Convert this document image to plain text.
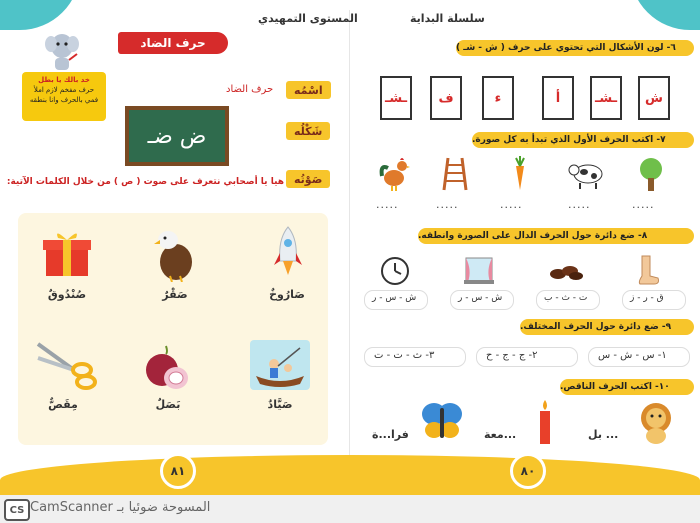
سلسلة البداية
المستوى التمهيدي
حرف الضاد
خد بالك يا بطل
حرف مفخم لازم املأ
فمي بالحرف وانا بنطقه
اسْمُه
حرف الضاد
شَكْلُه
ض ضـ
صَوْتُه
هيا يا أصحابي نتعرف على صوت ( ص ) من خلال الكلمات الآتية:
صَارُوخٌ
صَقْرٌ
صُنْدُوقٌ
صَيَّادٌ
بَصَلٌ
مِقَصٌّ
٦- لون الأشكال التي تحتوي على حرف ( ش - شـ )
ش
ـشـ
أ
ء
ف
ـشـ
٧- اكتب الحرف الأول الذي تبدأ به كل صورة.
.....
.....
.....
.....
.....
٨- ضع دائرة حول الحرف الدال على الصورة وانطقه.
ق - ر - ز
ت - ث - ب
ش - س - ر
ش - س - ر
٩- ضع دائرة حول الحرف المختلف.
١- س - ش - س
٢- ج - ج - ح
٣- ث - ت - ت
١٠- اكتب الحرف الناقص.
... بل
...معة
فرا...ة
٨١	٨٠
CS المسوحة ضوئيا بـ CamScanner
